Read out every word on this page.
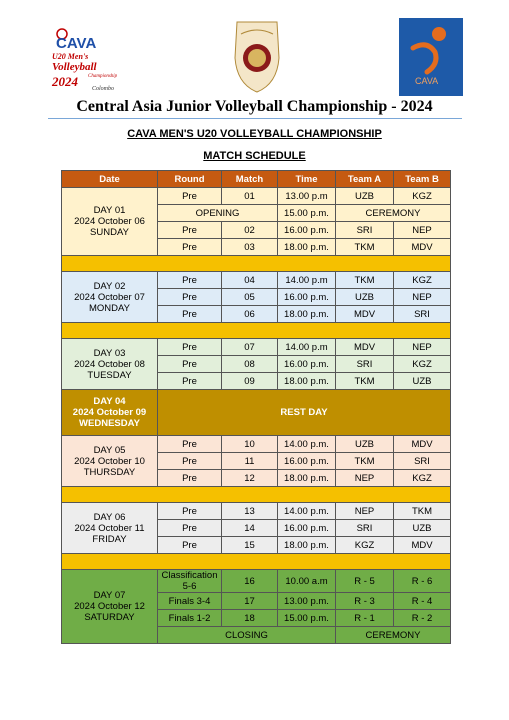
CAVA
U20 Men's
Volleyball
Championship
2024 Colombo
CAVA
Central Asia Junior Volleyball Championship - 2024
CAVA MEN'S U20 VOLLEYBALL CHAMPIONSHIP
MATCH SCHEDULE
Date	Round	Match	Time	Team A	Team B

DAY 01
2024 October 06
SUNDAY	Pre	01	13.00 p.m	UZB	KGZ
	OPENING		15.00 p.m.	CEREMONY	
	Pre	02	16.00 p.m.	SRI	NEP
	Pre	03	18.00 p.m.	TKM	MDV

DAY 02
2024 October 07
MONDAY	Pre	04	14.00 p.m	TKM	KGZ
	Pre	05	16.00 p.m.	UZB	NEP
	Pre	06	18.00 p.m.	MDV	SRI

DAY 03
2024 October 08
TUESDAY	Pre	07	14.00 p.m	MDV	NEP
	Pre	08	16.00 p.m.	SRI	KGZ
	Pre	09	18.00 p.m.	TKM	UZB

DAY 04
2024 October 09
WEDNESDAY	REST DAY				

DAY 05
2024 October 10
THURSDAY	Pre	10	14.00 p.m.	UZB	MDV
	Pre	11	16.00 p.m.	TKM	SRI
	Pre	12	18.00 p.m.	NEP	KGZ

DAY 06
2024 October 11
FRIDAY	Pre	13	14.00 p.m.	NEP	TKM
	Pre	14	16.00 p.m.	SRI	UZB
	Pre	15	18.00 p.m.	KGZ	MDV

DAY 07
2024 October 12
SATURDAY	Classification 5-6	16	10.00 a.m	R - 5	R - 6
	Finals 3-4	17	13.00 p.m.	R - 3	R - 4
	Finals 1-2	18	15.00 p.m.	R - 1	R - 2
	CLOSING			CEREMONY	
